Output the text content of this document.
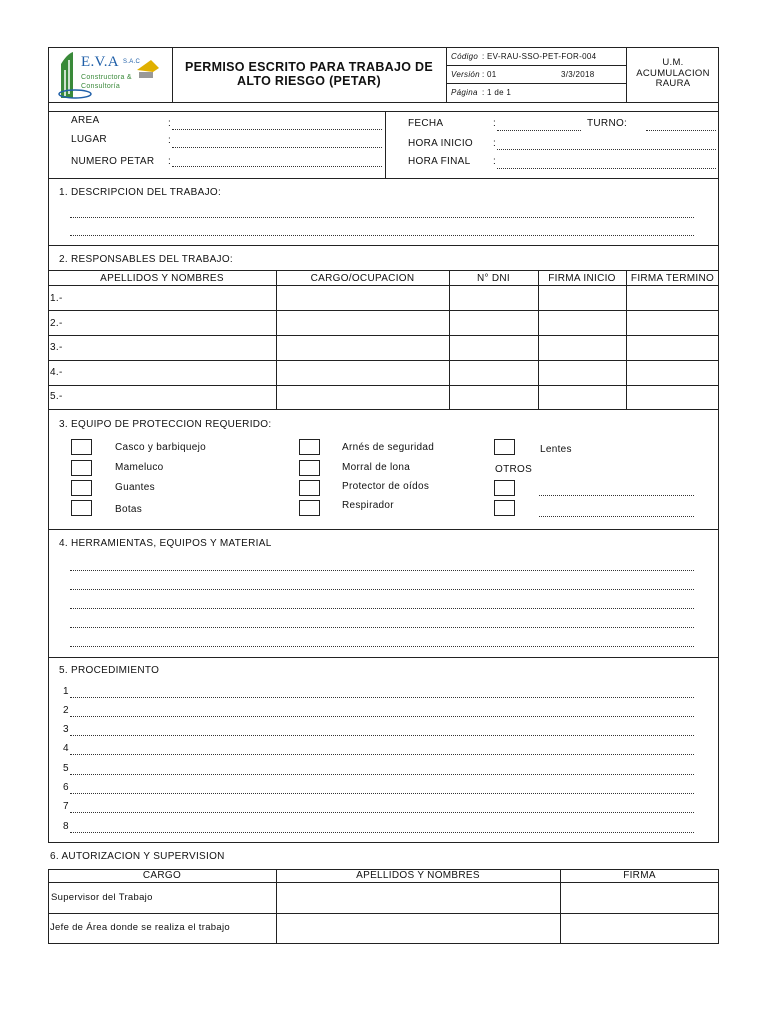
E.V.A S.A.C
Constructora &
Consultoría
PERMISO ESCRITO PARA TRABAJO DE
ALTO RIESGO (PETAR)
Código : EV-RAU-SSO-PET-FOR-004
Versión : 01	3/3/2018
Página : 1 de 1
U.M.
ACUMULACION
RAURA
AREA	:
LUGAR	:
NUMERO PETAR :
FECHA	:	TURNO:
HORA INICIO :
HORA FINAL :
1. DESCRIPCION DEL TRABAJO:
2. RESPONSABLES DEL TRABAJO:
APELLIDOS Y NOMBRES	CARGO/OCUPACION	N° DNI	FIRMA INICIO	FIRMA TERMINO
1.-
2.-
3.-
4.-
5.-
3. EQUIPO DE PROTECCION REQUERIDO:
Casco y barbiquejo
Mameluco
Guantes
Botas
Arnés de seguridad
Morral de lona
Protector de oídos
Respirador
Lentes
OTROS
4. HERRAMIENTAS, EQUIPOS Y MATERIAL
5. PROCEDIMIENTO
1
2
3
4
5
6
7
8
6. AUTORIZACION Y SUPERVISION
CARGO	APELLIDOS Y NOMBRES	FIRMA
Supervisor del Trabajo
Jefe de Área donde se realiza el trabajo
